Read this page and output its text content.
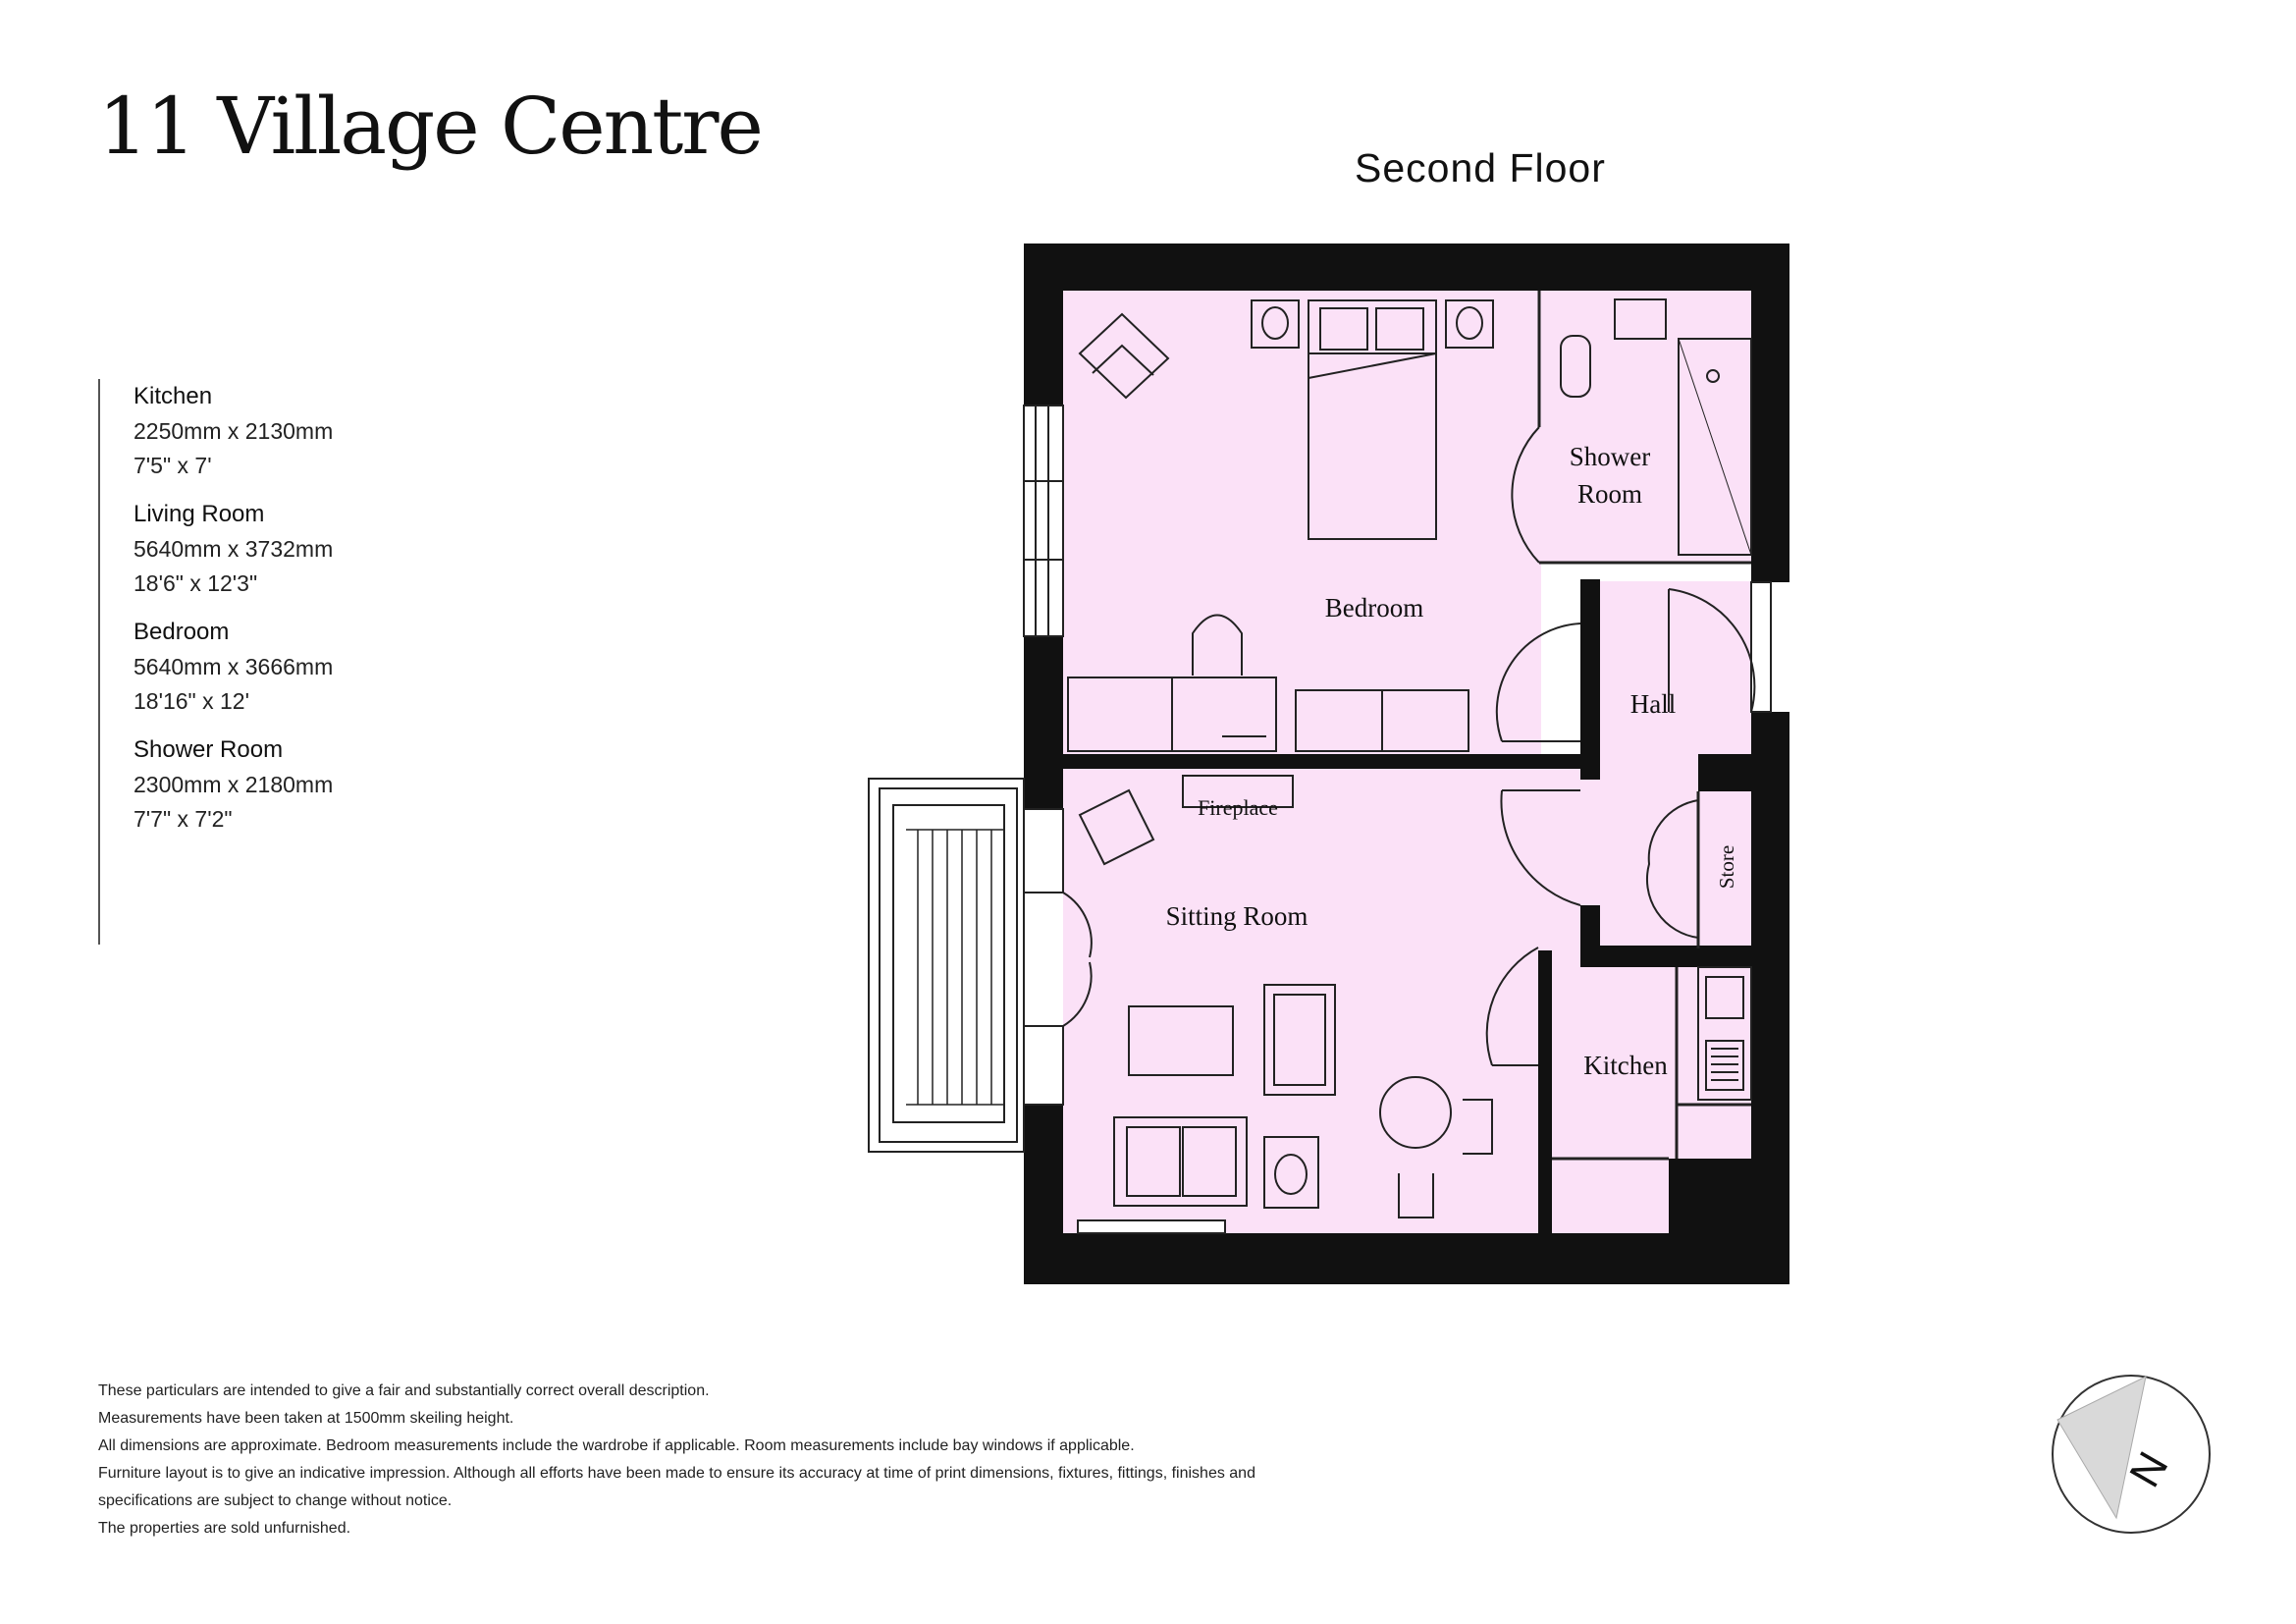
11 Village Centre	Second Floor
Kitchen
2250mm x 2130mm
7'5" x 7'
Living Room
5640mm x 3732mm
18'6" x 12'3"
Bedroom
5640mm x 3666mm
18'16" x 12'
Shower Room
2300mm x 2180mm
7'7" x 7'2"
Bedroom
Shower
Room
Hall
Store
Fireplace
Sitting Room
Kitchen
These particulars are intended to give a fair and substantially correct overall description.
Measurements have been taken at 1500mm skeiling height.
All dimensions are approximate. Bedroom measurements include the wardrobe if applicable. Room measurements include bay windows if applicable.
Furniture layout is to give an indicative impression. Although all efforts have been made to ensure its accuracy at time of print dimensions, fixtures, fittings, finishes and
specifications are subject to change without notice.
The properties are sold unfurnished.
N
